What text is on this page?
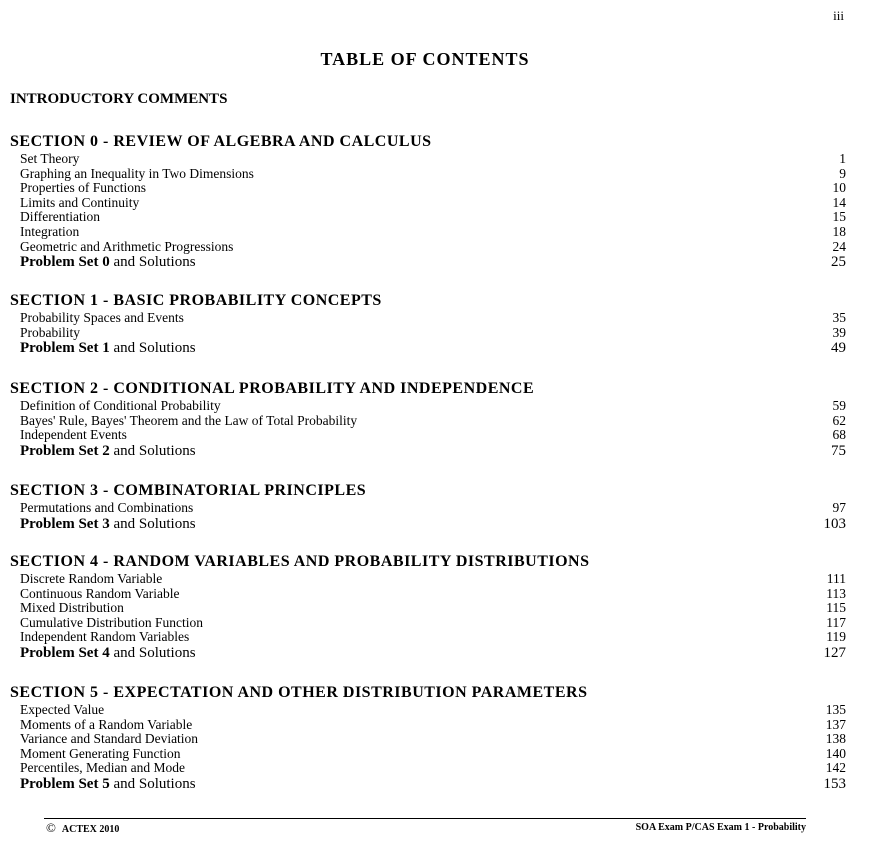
iii
TABLE OF CONTENTS
INTRODUCTORY COMMENTS
SECTION 0 - REVIEW OF ALGEBRA AND CALCULUS
Set Theory	1
Graphing an Inequality in Two Dimensions	9
Properties of Functions	10
Limits and Continuity	14
Differentiation	15
Integration	18
Geometric and Arithmetic Progressions	24
Problem Set 0 and Solutions	25
SECTION 1 - BASIC PROBABILITY CONCEPTS
Probability Spaces and Events	35
Probability	39
Problem Set 1 and Solutions	49
SECTION 2 - CONDITIONAL PROBABILITY AND INDEPENDENCE
Definition of Conditional Probability	59
Bayes' Rule, Bayes' Theorem and the Law of Total Probability	62
Independent Events	68
Problem Set 2 and Solutions	75
SECTION 3 - COMBINATORIAL PRINCIPLES
Permutations and Combinations	97
Problem Set 3 and Solutions	103
SECTION 4 - RANDOM VARIABLES AND PROBABILITY DISTRIBUTIONS
Discrete Random Variable	111
Continuous Random Variable	113
Mixed Distribution	115
Cumulative Distribution Function	117
Independent Random Variables	119
Problem Set 4 and Solutions	127
SECTION 5 - EXPECTATION AND OTHER DISTRIBUTION PARAMETERS
Expected Value	135
Moments of a Random Variable	137
Variance and Standard Deviation	138
Moment Generating Function	140
Percentiles, Median and Mode	142
Problem Set 5 and Solutions	153
© ACTEX 2010	SOA Exam P/CAS Exam 1 - Probability
